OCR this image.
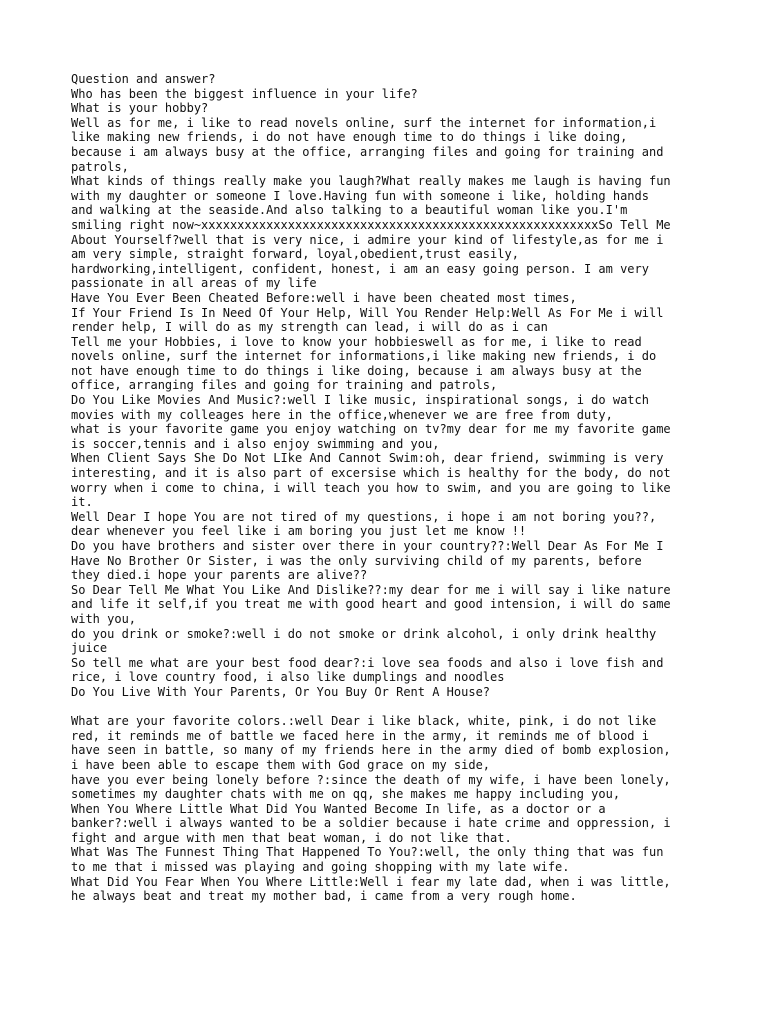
Question and answer?
Who has been the biggest influence in your life?
What is your hobby?
Well as for me, i like to read novels online, surf the internet for information,i
like making new friends, i do not have enough time to do things i like doing,
because i am always busy at the office, arranging files and going for training and
patrols,
What kinds of things really make you laugh?What really makes me laugh is having fun
with my daughter or someone I love.Having fun with someone i like, holding hands
and walking at the seaside.And also talking to a beautiful woman like you.I'm
smiling right now~xxxxxxxxxxxxxxxxxxxxxxxxxxxxxxxxxxxxxxxxxxxxxxxxxxxxxxxSo Tell Me
About Yourself?well that is very nice, i admire your kind of lifestyle,as for me i
am very simple, straight forward, loyal,obedient,trust easily,
hardworking,intelligent, confident, honest, i am an easy going person. I am very
passionate in all areas of my life
Have You Ever Been Cheated Before:well i have been cheated most times,
If Your Friend Is In Need Of Your Help, Will You Render Help:Well As For Me i will
render help, I will do as my strength can lead, i will do as i can
Tell me your Hobbies, i love to know your hobbieswell as for me, i like to read
novels online, surf the internet for informations,i like making new friends, i do
not have enough time to do things i like doing, because i am always busy at the
office, arranging files and going for training and patrols,
Do You Like Movies And Music?:well I like music, inspirational songs, i do watch
movies with my colleages here in the office,whenever we are free from duty,
what is your favorite game you enjoy watching on tv?my dear for me my favorite game
is soccer,tennis and i also enjoy swimming and you,
When Client Says She Do Not LIke And Cannot Swim:oh, dear friend, swimming is very
interesting, and it is also part of excersise which is healthy for the body, do not
worry when i come to china, i will teach you how to swim, and you are going to like
it.
Well Dear I hope You are not tired of my questions, i hope i am not boring you??,
dear whenever you feel like i am boring you just let me know !!
Do you have brothers and sister over there in your country??:Well Dear As For Me I
Have No Brother Or Sister, i was the only surviving child of my parents, before
they died.i hope your parents are alive??
So Dear Tell Me What You Like And Dislike??:my dear for me i will say i like nature
and life it self,if you treat me with good heart and good intension, i will do same
with you,
do you drink or smoke?:well i do not smoke or drink alcohol, i only drink healthy
juice
So tell me what are your best food dear?:i love sea foods and also i love fish and
rice, i love country food, i also like dumplings and noodles
Do You Live With Your Parents, Or You Buy Or Rent A House?
What are your favorite colors.:well Dear i like black, white, pink, i do not like
red, it reminds me of battle we faced here in the army, it reminds me of blood i
have seen in battle, so many of my friends here in the army died of bomb explosion,
i have been able to escape them with God grace on my side,
have you ever being lonely before ?:since the death of my wife, i have been lonely,
sometimes my daughter chats with me on qq, she makes me happy including you,
When You Where Little What Did You Wanted Become In life, as a doctor or a
banker?:well i always wanted to be a soldier because i hate crime and oppression, i
fight and argue with men that beat woman, i do not like that.
What Was The Funnest Thing That Happened To You?:well, the only thing that was fun
to me that i missed was playing and going shopping with my late wife.
What Did You Fear When You Where Little:Well i fear my late dad, when i was little,
he always beat and treat my mother bad, i came from a very rough home.
